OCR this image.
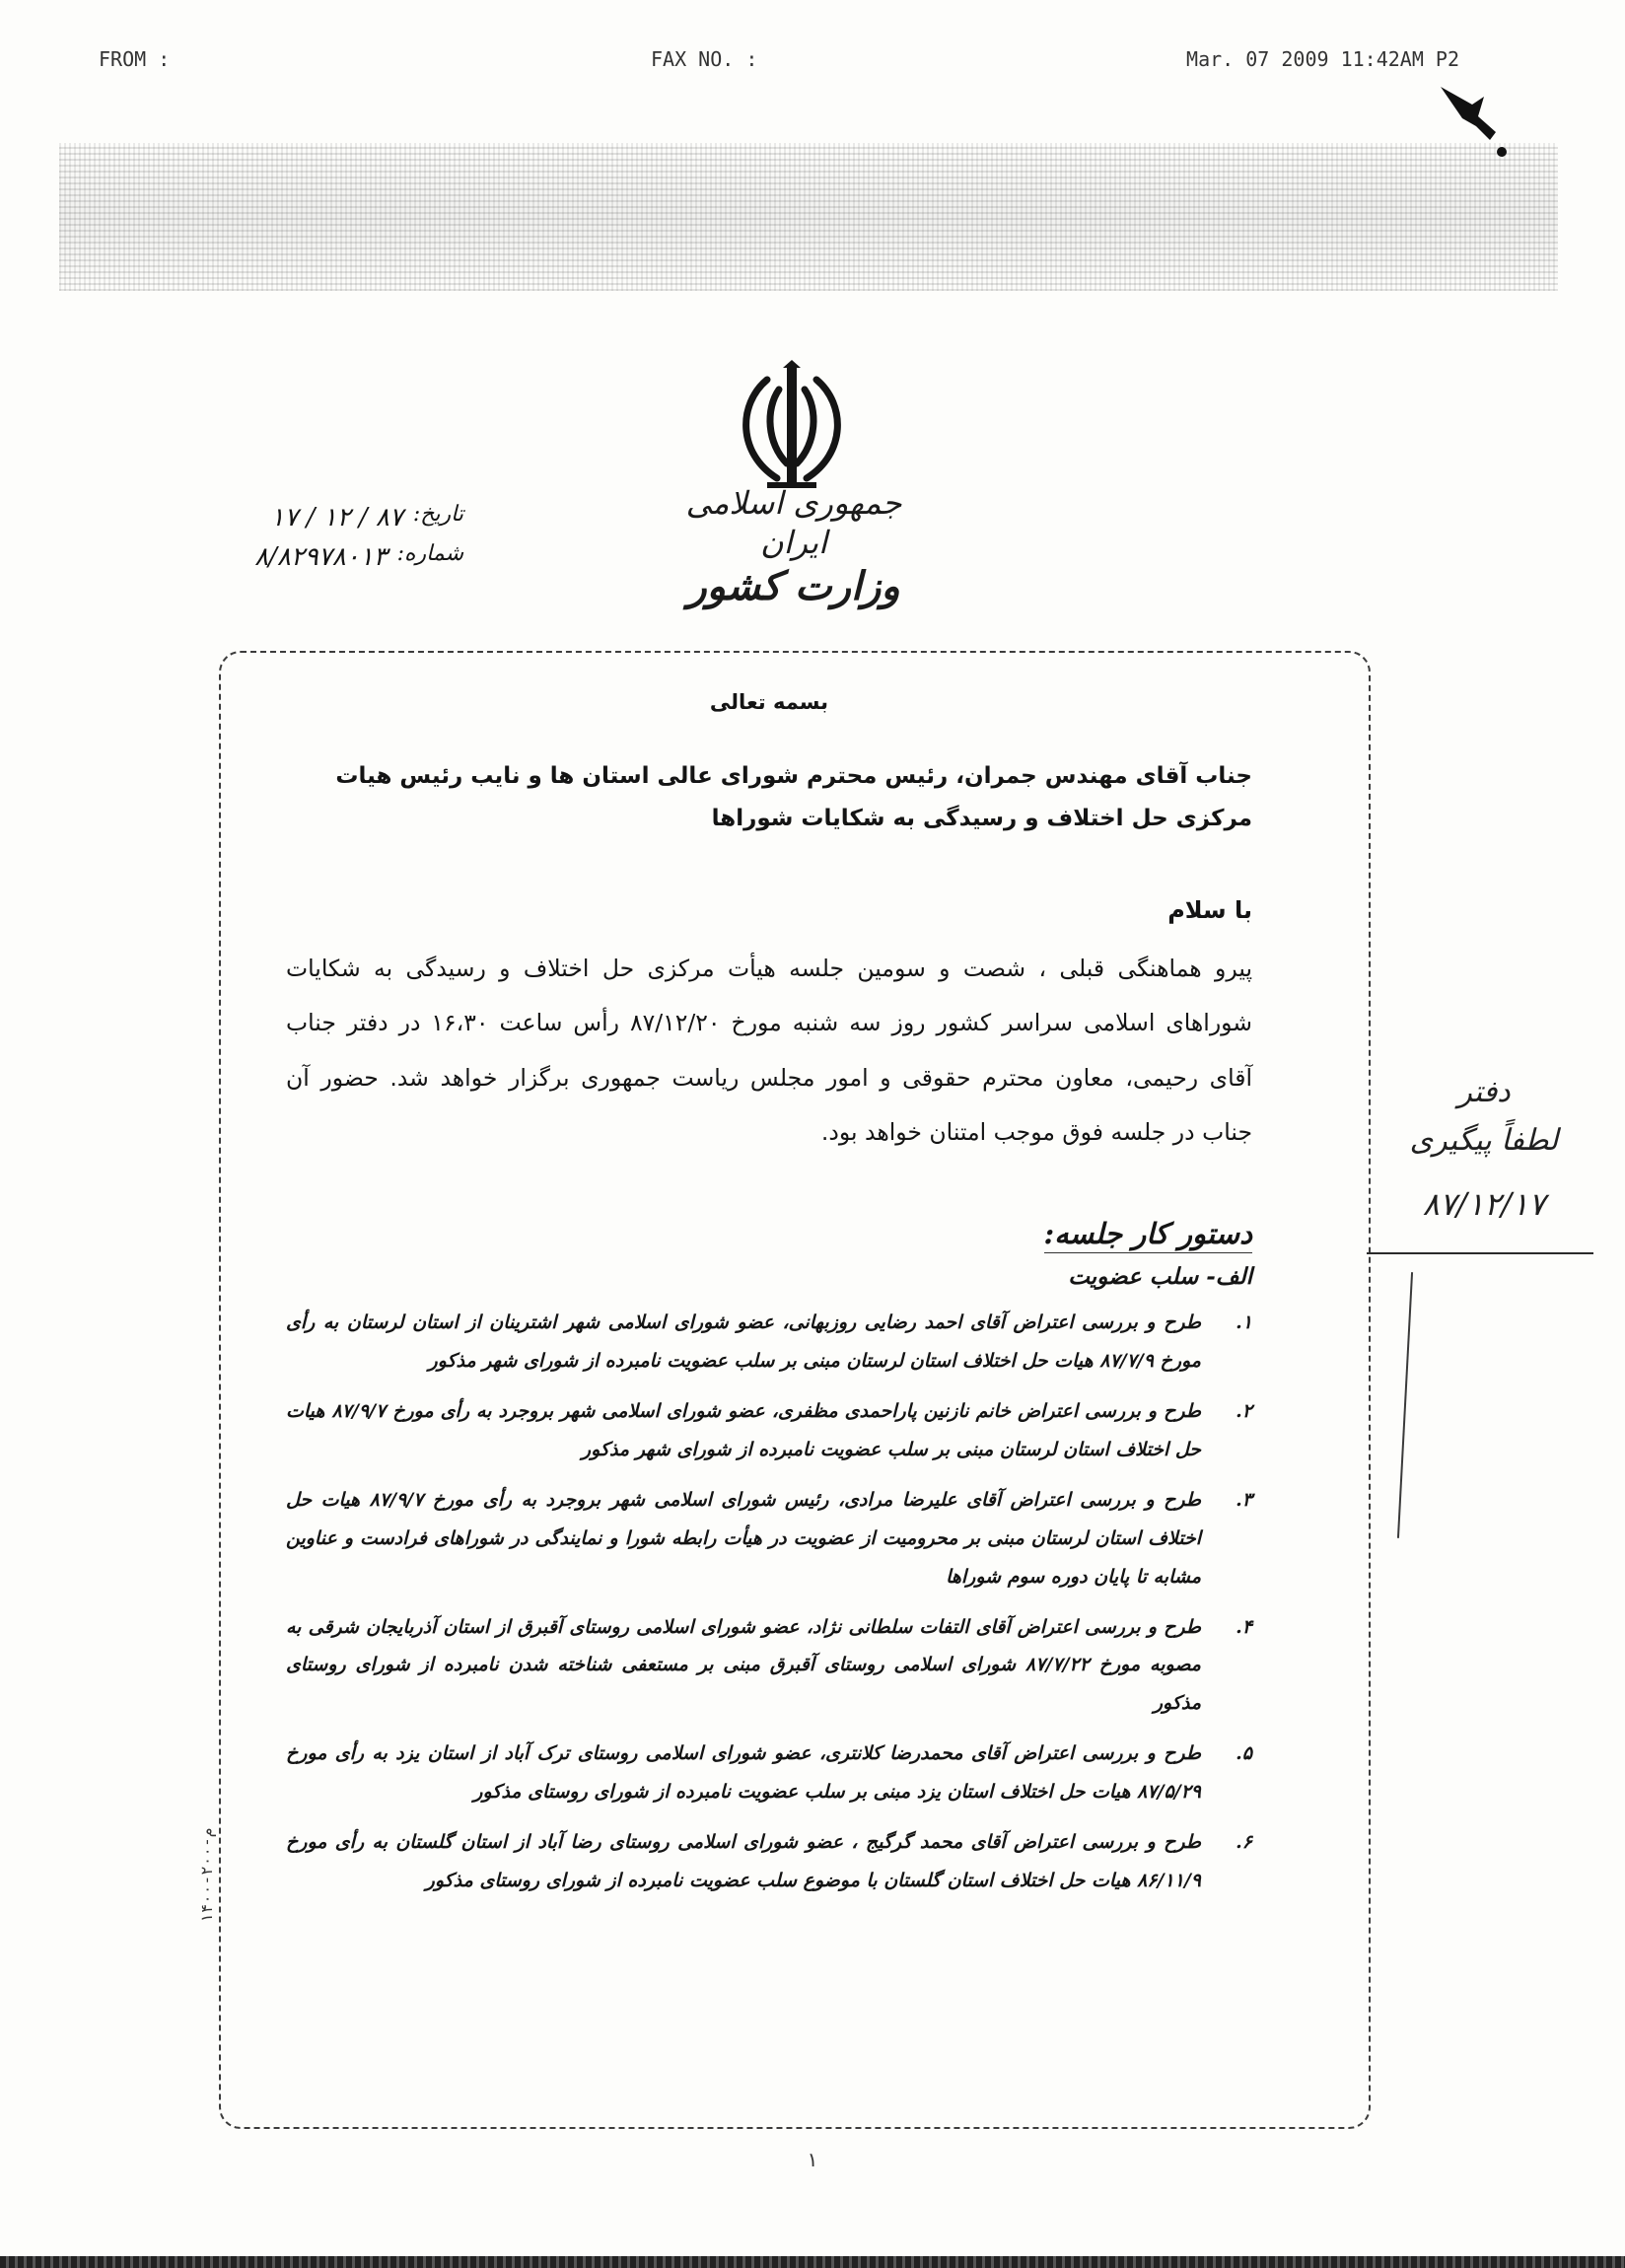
FROM :	FAX NO. :	Mar. 07 2009 11:42AM P2
جمهوری اسلامی ایران
وزارت کشور
تاریخ:
۸۷ / ۱۲ / ۱۷
شماره:
۸/۸۲۹۷۸۰۱۳
بسمه تعالی
جناب آقای مهندس جمران، رئیس محترم شورای عالی استان ها و نایب رئیس هیات مرکزی حل اختلاف و رسیدگی به شکایات شوراها
با سلام
پیرو هماهنگی قبلی ، شصت و سومین جلسه هیأت مرکزی حل اختلاف و رسیدگی به شکایات شوراهای اسلامی سراسر کشور روز سه شنبه مورخ ۸۷/۱۲/۲۰ رأس ساعت ۱۶،۳۰ در دفتر جناب آقای رحیمی، معاون محترم حقوقی و امور مجلس ریاست جمهوری برگزار خواهد شد. حضور آن جناب در جلسه فوق موجب امتنان خواهد بود.
دستور کار جلسه:
الف- سلب عضویت
۱.
طرح و بررسی اعتراض آقای احمد رضایی روزبهانی، عضو شورای اسلامی شهر اشترینان از استان لرستان به رأی مورخ ۸۷/۷/۹ هیات حل اختلاف استان لرستان مبنی بر سلب عضویت نامبرده از شورای شهر مذکور
۲.
طرح و بررسی اعتراض خانم نازنین پاراحمدی مظفری، عضو شورای اسلامی شهر بروجرد به رأی مورخ ۸۷/۹/۷ هیات حل اختلاف استان لرستان مبنی بر سلب عضویت نامبرده از شورای شهر مذکور
۳.
طرح و بررسی اعتراض آقای علیرضا مرادی، رئیس شورای اسلامی شهر بروجرد به رأی مورخ ۸۷/۹/۷ هیات حل اختلاف استان لرستان مبنی بر محرومیت از عضویت در هیأت رابطه شورا و نمایندگی در شوراهای فرادست و عناوین مشابه تا پایان دوره سوم شوراها
۴.
طرح و بررسی اعتراض آقای التفات سلطانی نژاد، عضو شورای اسلامی روستای آقبرق از استان آذربایجان شرقی به مصوبه مورخ ۸۷/۷/۲۲ شورای اسلامی روستای آقبرق مبنی بر مستعفی شناخته شدن نامبرده از شورای روستای مذکور
۵.
طرح و بررسی اعتراض آقای محمدرضا کلانتری، عضو شورای اسلامی روستای ترک آباد از استان یزد به رأی مورخ ۸۷/۵/۲۹ هیات حل اختلاف استان یزد مبنی بر سلب عضویت نامبرده از شورای روستای مذکور
۶.
طرح و بررسی اعتراض آقای محمد گرگیج ، عضو شورای اسلامی روستای رضا آباد از استان گلستان به رأی مورخ ۸۶/۱۱/۹ هیات حل اختلاف استان گلستان با موضوع سلب عضویت نامبرده از شورای روستای مذکور
دفتر
لطفاً پیگیری
۸۷/۱۲/۱۷
۱۴۰۰-م-۲۰۰
۱
